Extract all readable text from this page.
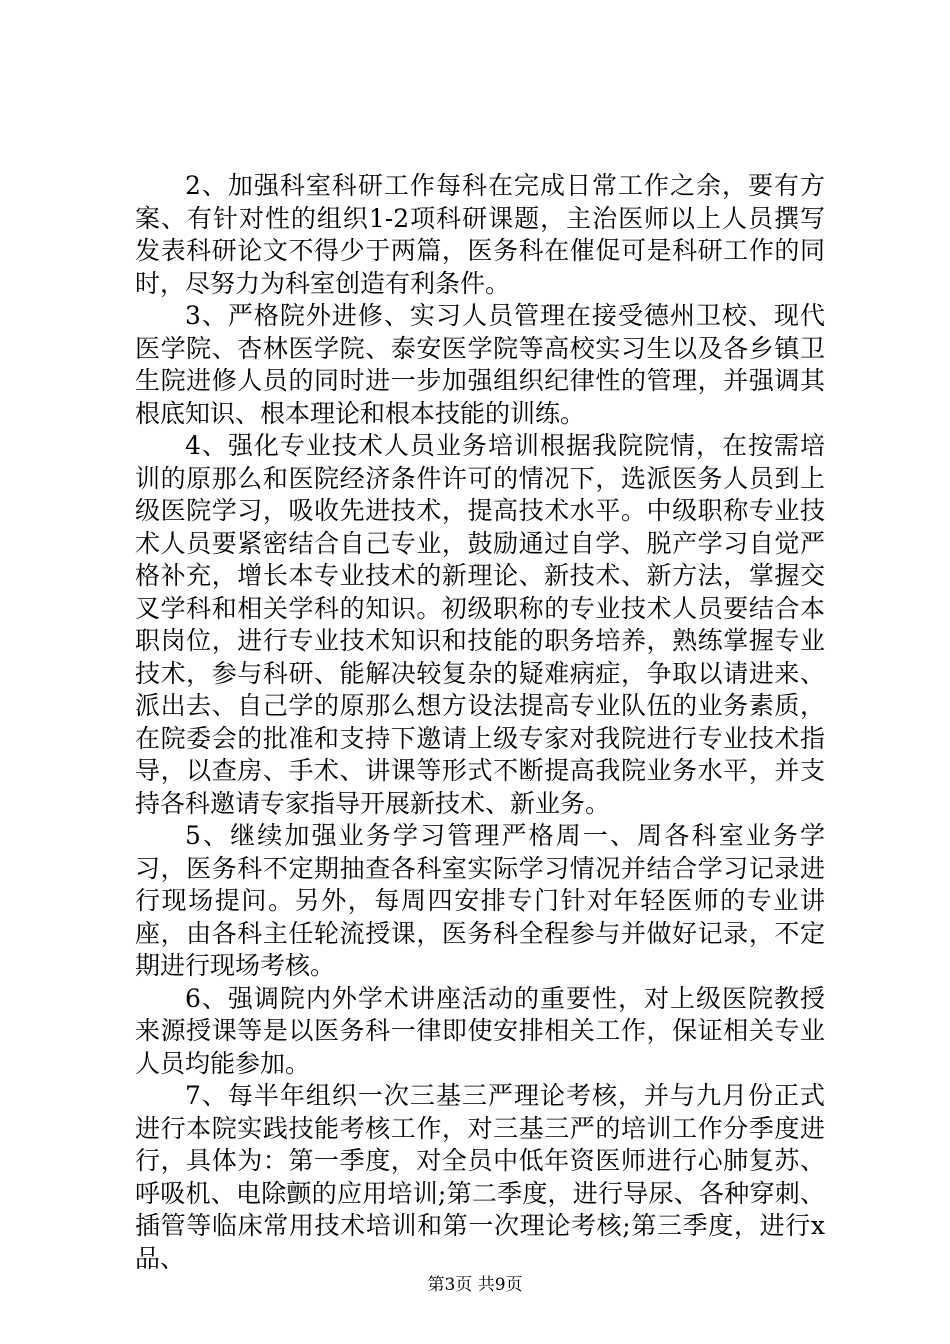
2、加强科室科研工作每科在完成日常工作之余，要有方案、有针对性的组织1-2项科研课题，主治医师以上人员撰写发表科研论文不得少于两篇，医务科在催促可是科研工作的同时，尽努力为科室创造有利条件。

3、严格院外进修、实习人员管理在接受德州卫校、现代医学院、杏林医学院、泰安医学院等高校实习生以及各乡镇卫生院进修人员的同时进一步加强组织纪律性的管理，并强调其根底知识、根本理论和根本技能的训练。

4、强化专业技术人员业务培训根据我院院情，在按需培训的原那么和医院经济条件许可的情况下，选派医务人员到上级医院学习，吸收先进技术，提高技术水平。中级职称专业技术人员要紧密结合自己专业，鼓励通过自学、脱产学习自觉严格补充，增长本专业技术的新理论、新技术、新方法，掌握交叉学科和相关学科的知识。初级职称的专业技术人员要结合本职岗位，进行专业技术知识和技能的职务培养，熟练掌握专业技术，参与科研、能解决较复杂的疑难病症，争取以请进来、派出去、自己学的原那么想方设法提高专业队伍的业务素质，在院委会的批准和支持下邀请上级专家对我院进行专业技术指导，以查房、手术、讲课等形式不断提高我院业务水平，并支持各科邀请专家指导开展新技术、新业务。

5、继续加强业务学习管理严格周一、周各科室业务学习，医务科不定期抽查各科室实际学习情况并结合学习记录进行现场提问。另外，每周四安排专门针对年轻医师的专业讲座，由各科主任轮流授课，医务科全程参与并做好记录，不定期进行现场考核。

6、强调院内外学术讲座活动的重要性，对上级医院教授来源授课等是以医务科一律即使安排相关工作，保证相关专业人员均能参加。

7、每半年组织一次三基三严理论考核，并与九月份正式进行本院实践技能考核工作，对三基三严的培训工作分季度进行，具体为：第一季度，对全员中低年资医师进行心肺复苏、呼吸机、电除颤的应用培训;第二季度，进行导尿、各种穿刺、插管等临床常用技术培训和第一次理论考核;第三季度，进行x品、

第3页 共9页
